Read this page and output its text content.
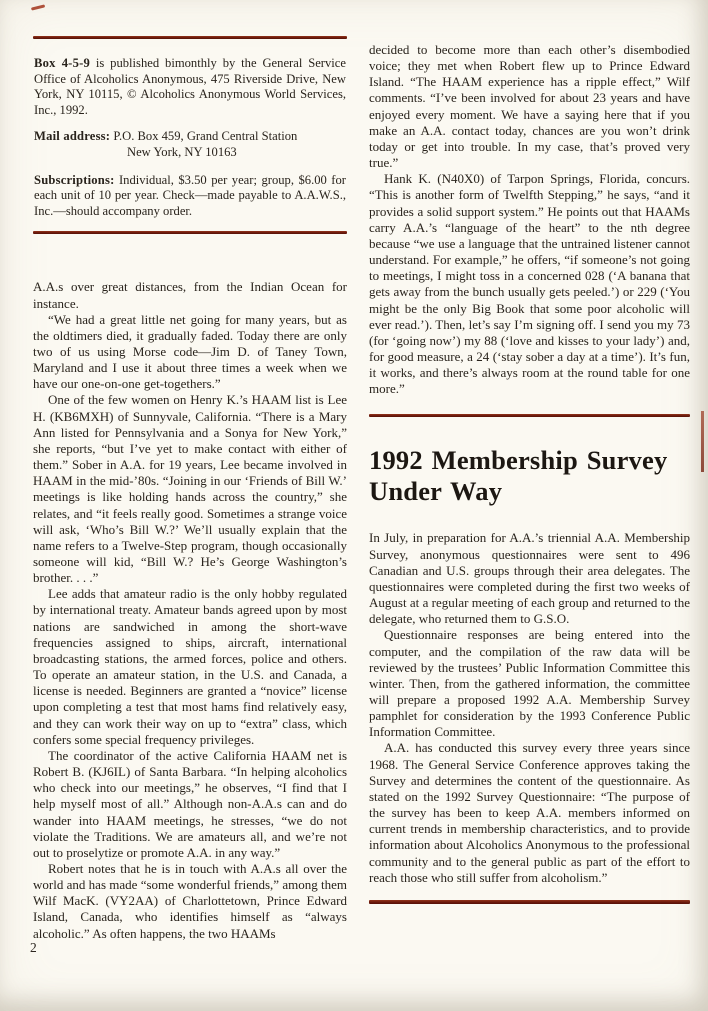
Box 4-5-9 is published bimonthly by the General Service Office of Alcoholics Anonymous, 475 Riverside Drive, New York, NY 10115, © Alcoholics Anonymous World Services, Inc., 1992.

Mail address: P.O. Box 459, Grand Central Station
New York, NY 10163

Subscriptions: Individual, $3.50 per year; group, $6.00 for each unit of 10 per year. Check—made payable to A.A.W.S., Inc.—should accompany order.

A.A.s over great distances, from the Indian Ocean for instance.

“We had a great little net going for many years, but as the oldtimers died, it gradually faded. Today there are only two of us using Morse code—Jim D. of Taney Town, Maryland and I use it about three times a week when we have our one-on-one get-togethers.”

One of the few women on Henry K.’s HAAM list is Lee H. (KB6MXH) of Sunnyvale, California. “There is a Mary Ann listed for Pennsylvania and a Sonya for New York,” she reports, “but I’ve yet to make contact with either of them.” Sober in A.A. for 19 years, Lee became involved in HAAM in the mid-’80s. “Joining in our ‘Friends of Bill W.’ meetings is like holding hands across the country,” she relates, and “it feels really good. Sometimes a strange voice will ask, ‘Who’s Bill W.?’ We’ll usually explain that the name refers to a Twelve-Step program, though occasionally someone will kid, “Bill W.? He’s George Washington’s brother. . . .”

Lee adds that amateur radio is the only hobby regulated by international treaty. Amateur bands agreed upon by most nations are sandwiched in among the short-wave frequencies assigned to ships, aircraft, international broadcasting stations, the armed forces, police and others. To operate an amateur station, in the U.S. and Canada, a license is needed. Beginners are granted a “novice” license upon completing a test that most hams find relatively easy, and they can work their way on up to “extra” class, which confers some special frequency privileges.

The coordinator of the active California HAAM net is Robert B. (KJ6IL) of Santa Barbara. “In helping alcoholics who check into our meetings,” he observes, “I find that I help myself most of all.” Although non-A.A.s can and do wander into HAAM meetings, he stresses, “we do not violate the Traditions. We are amateurs all, and we’re not out to proselytize or promote A.A. in any way.”

Robert notes that he is in touch with A.A.s all over the world and has made “some wonderful friends,” among them Wilf MacK. (VY2AA) of Charlottetown, Prince Edward Island, Canada, who identifies himself as “always alcoholic.” As often happens, the two HAAMs

decided to become more than each other’s disembodied voice; they met when Robert flew up to Prince Edward Island. “The HAAM experience has a ripple effect,” Wilf comments. “I’ve been involved for about 23 years and have enjoyed every moment. We have a saying here that if you make an A.A. contact today, chances are you won’t drink today or get into trouble. In my case, that’s proved very true.”

Hank K. (N40X0) of Tarpon Springs, Florida, concurs. “This is another form of Twelfth Stepping,” he says, “and it provides a solid support system.” He points out that HAAMs carry A.A.’s “language of the heart” to the nth degree because “we use a language that the untrained listener cannot understand. For example,” he offers, “if someone’s not going to meetings, I might toss in a concerned 028 (‘A banana that gets away from the bunch usually gets peeled.’) or 229 (‘You might be the only Big Book that some poor alcoholic will ever read.’). Then, let’s say I’m signing off. I send you my 73 (for ‘going now’) my 88 (‘love and kisses to your lady’) and, for good measure, a 24 (‘stay sober a day at a time’). It’s fun, it works, and there’s always room at the round table for one more.”

1992 Membership Survey
Under Way

In July, in preparation for A.A.’s triennial A.A. Membership Survey, anonymous questionnaires were sent to 496 Canadian and U.S. groups through their area delegates. The questionnaires were completed during the first two weeks of August at a regular meeting of each group and returned to the delegate, who returned them to G.S.O.

Questionnaire responses are being entered into the computer, and the compilation of the raw data will be reviewed by the trustees’ Public Information Committee this winter. Then, from the gathered information, the committee will prepare a proposed 1992 A.A. Membership Survey pamphlet for consideration by the 1993 Conference Public Information Committee.

A.A. has conducted this survey every three years since 1968. The General Service Conference approves taking the Survey and determines the content of the questionnaire. As stated on the 1992 Survey Questionnaire: “The purpose of the survey has been to keep A.A. members informed on current trends in membership characteristics, and to provide information about Alcoholics Anonymous to the professional community and to the general public as part of the effort to reach those who still suffer from alcoholism.”

2
